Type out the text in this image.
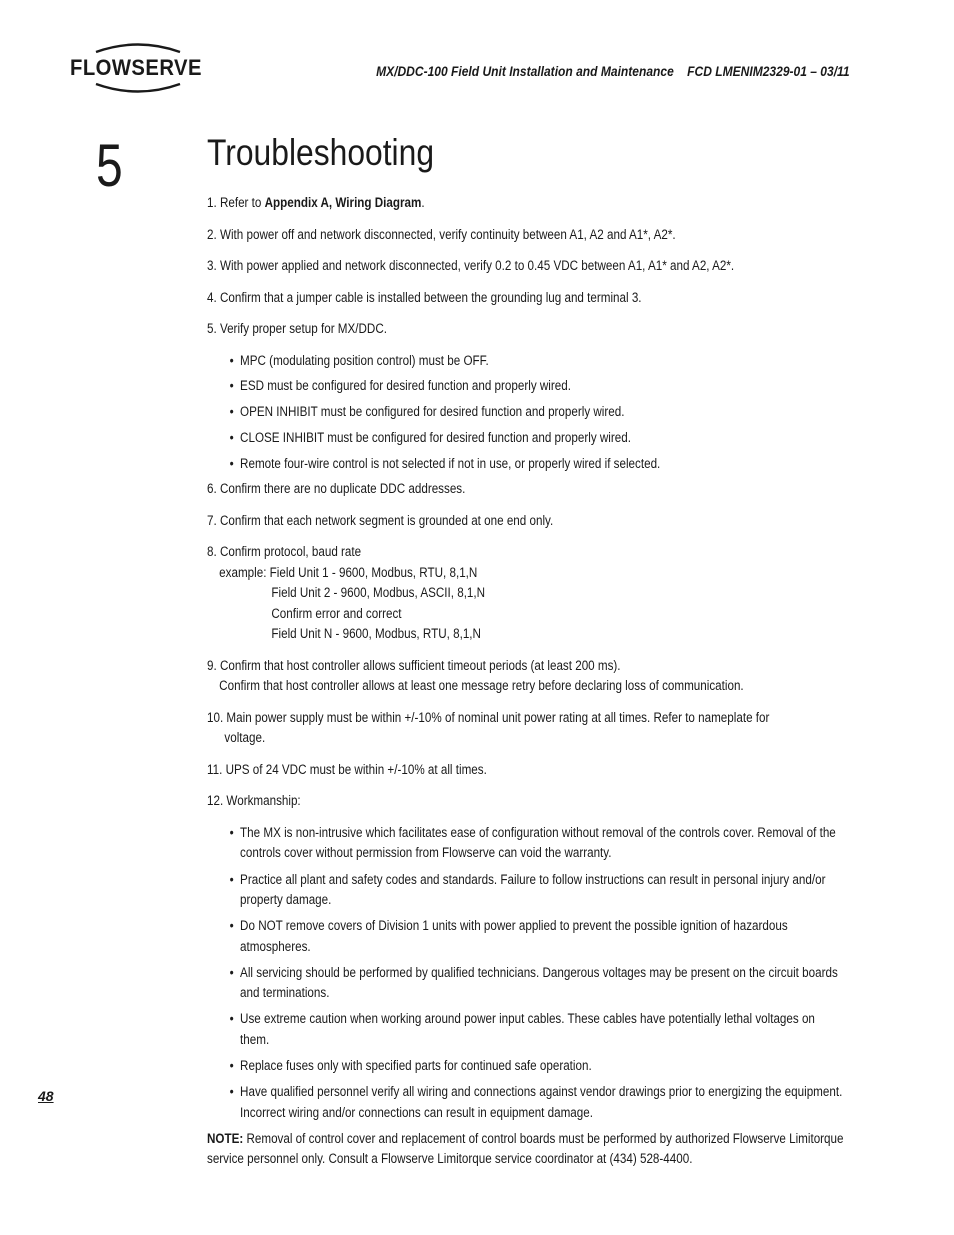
FLOWSERVE	MX/DDC-100 Field Unit Installation and Maintenance    FCD LMENIM2329-01 – 03/11
5 Troubleshooting
1. Refer to Appendix A, Wiring Diagram.
2. With power off and network disconnected, verify continuity between A1, A2 and A1*, A2*.
3. With power applied and network disconnected, verify 0.2 to 0.45 VDC between A1, A1* and A2, A2*.
4. Confirm that a jumper cable is installed between the grounding lug and terminal 3.
5. Verify proper setup for MX/DDC.
• MPC (modulating position control) must be OFF.
• ESD must be configured for desired function and properly wired.
• OPEN INHIBIT must be configured for desired function and properly wired.
• CLOSE INHIBIT must be configured for desired function and properly wired.
• Remote four-wire control is not selected if not in use, or properly wired if selected.
6. Confirm there are no duplicate DDC addresses.
7. Confirm that each network segment is grounded at one end only.
8. Confirm protocol, baud rate
example: Field Unit 1 - 9600, Modbus, RTU, 8,1,N
Field Unit 2 - 9600, Modbus, ASCII, 8,1,N
Confirm error and correct
Field Unit N - 9600, Modbus, RTU, 8,1,N
9. Confirm that host controller allows sufficient timeout periods (at least 200 ms).
Confirm that host controller allows at least one message retry before declaring loss of communication.
10. Main power supply must be within +/-10% of nominal unit power rating at all times. Refer to nameplate for
voltage.
11. UPS of 24 VDC must be within +/-10% at all times.
12. Workmanship:
• The MX is non-intrusive which facilitates ease of configuration without removal of the controls cover. Removal of the controls cover without permission from Flowserve can void the warranty.
• Practice all plant and safety codes and standards. Failure to follow instructions can result in personal injury and/or property damage.
• Do NOT remove covers of Division 1 units with power applied to prevent the possible ignition of hazardous atmospheres.
• All servicing should be performed by qualified technicians. Dangerous voltages may be present on the circuit boards and terminations.
• Use extreme caution when working around power input cables. These cables have potentially lethal voltages on them.
• Replace fuses only with specified parts for continued safe operation.
• Have qualified personnel verify all wiring and connections against vendor drawings prior to energizing the equipment. Incorrect wiring and/or connections can result in equipment damage.
NOTE: Removal of control cover and replacement of control boards must be performed by authorized Flowserve Limitorque service personnel only. Consult a Flowserve Limitorque service coordinator at (434) 528-4400.
48
